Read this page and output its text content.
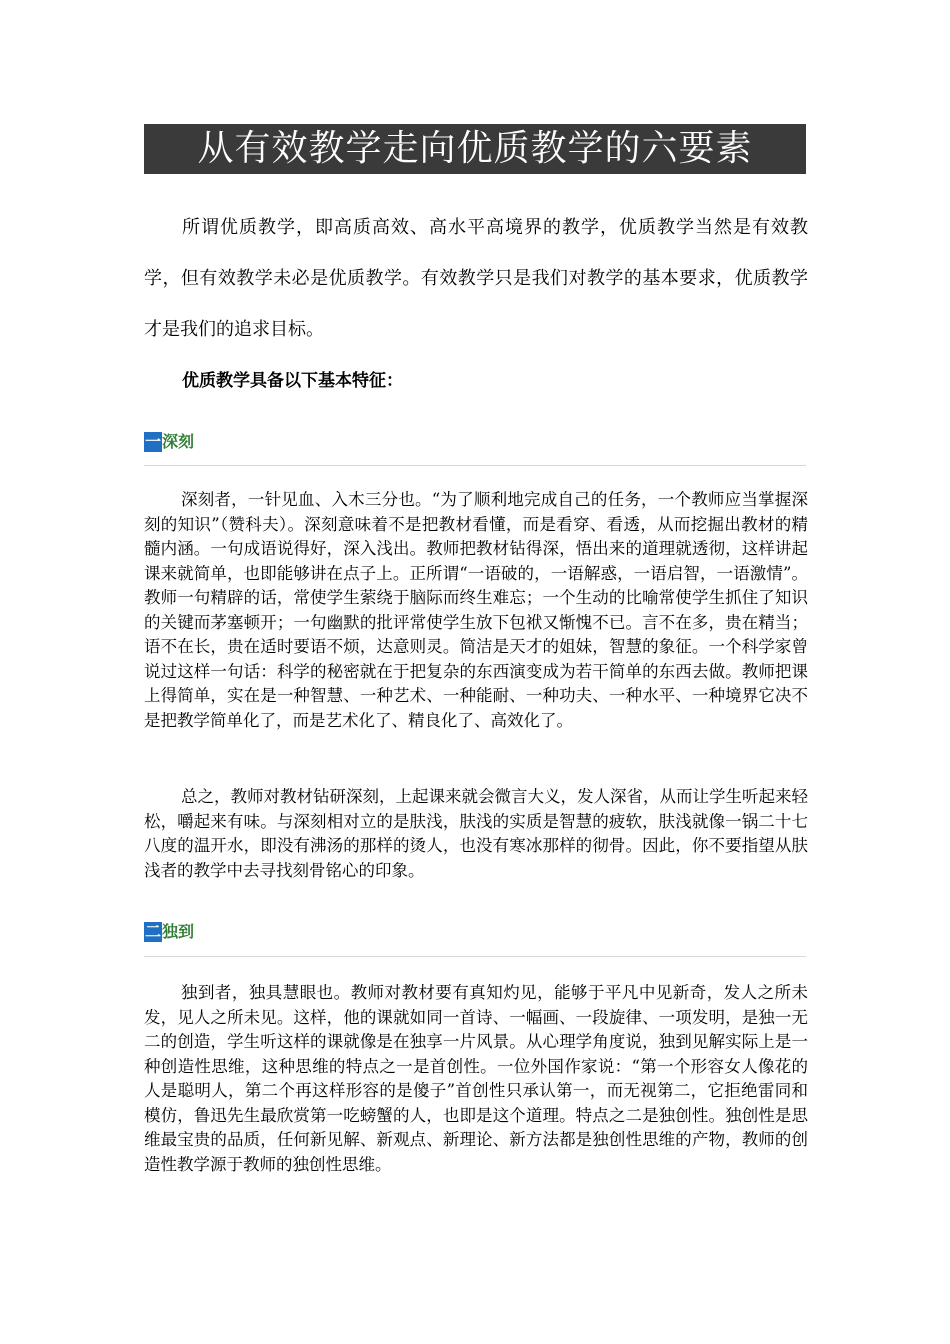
从有效教学走向优质教学的六要素

所谓优质教学，即高质高效、高水平高境界的教学，优质教学当然是有效教学，但有效教学未必是优质教学。有效教学只是我们对教学的基本要求，优质教学才是我们的追求目标。

优质教学具备以下基本特征：

一 深刻

深刻者，一针见血、入木三分也。“为了顺利地完成自己的任务，一个教师应当掌握深刻的知识”（赞科夫）。深刻意味着不是把教材看懂，而是看穿、看透，从而挖掘出教材的精髓内涵。一句成语说得好，深入浅出。教师把教材钻得深，悟出来的道理就透彻，这样讲起课来就简单，也即能够讲在点子上。正所谓“一语破的，一语解惑，一语启智，一语激情”。教师一句精辟的话，常使学生萦绕于脑际而终生难忘；一个生动的比喻常使学生抓住了知识的关键而茅塞顿开；一句幽默的批评常使学生放下包袱又惭愧不已。言不在多，贵在精当；语不在长，贵在适时要语不烦，达意则灵。简洁是天才的姐妹，智慧的象征。一个科学家曾说过这样一句话：科学的秘密就在于把复杂的东西演变成为若干简单的东西去做。教师把课上得简单，实在是一种智慧、一种艺术、一种能耐、一种功夫、一种水平、一种境界它决不是把教学简单化了，而是艺术化了、精良化了、高效化了。

总之，教师对教材钻研深刻，上起课来就会微言大义，发人深省，从而让学生听起来轻松，嚼起来有味。与深刻相对立的是肤浅，肤浅的实质是智慧的疲软，肤浅就像一锅二十七八度的温开水，即没有沸汤的那样的烫人，也没有寒冰那样的彻骨。因此，你不要指望从肤浅者的教学中去寻找刻骨铭心的印象。

二 独到

独到者，独具慧眼也。教师对教材要有真知灼见，能够于平凡中见新奇，发人之所未发，见人之所未见。这样，他的课就如同一首诗、一幅画、一段旋律、一项发明，是独一无二的创造，学生听这样的课就像是在独享一片风景。从心理学角度说，独到见解实际上是一种创造性思维，这种思维的特点之一是首创性。一位外国作家说：“第一个形容女人像花的人是聪明人，第二个再这样形容的是傻子”首创性只承认第一，而无视第二，它拒绝雷同和模仿，鲁迅先生最欣赏第一吃螃蟹的人，也即是这个道理。特点之二是独创性。独创性是思维最宝贵的品质，任何新见解、新观点、新理论、新方法都是独创性思维的产物，教师的创造性教学源于教师的独创性思维。
